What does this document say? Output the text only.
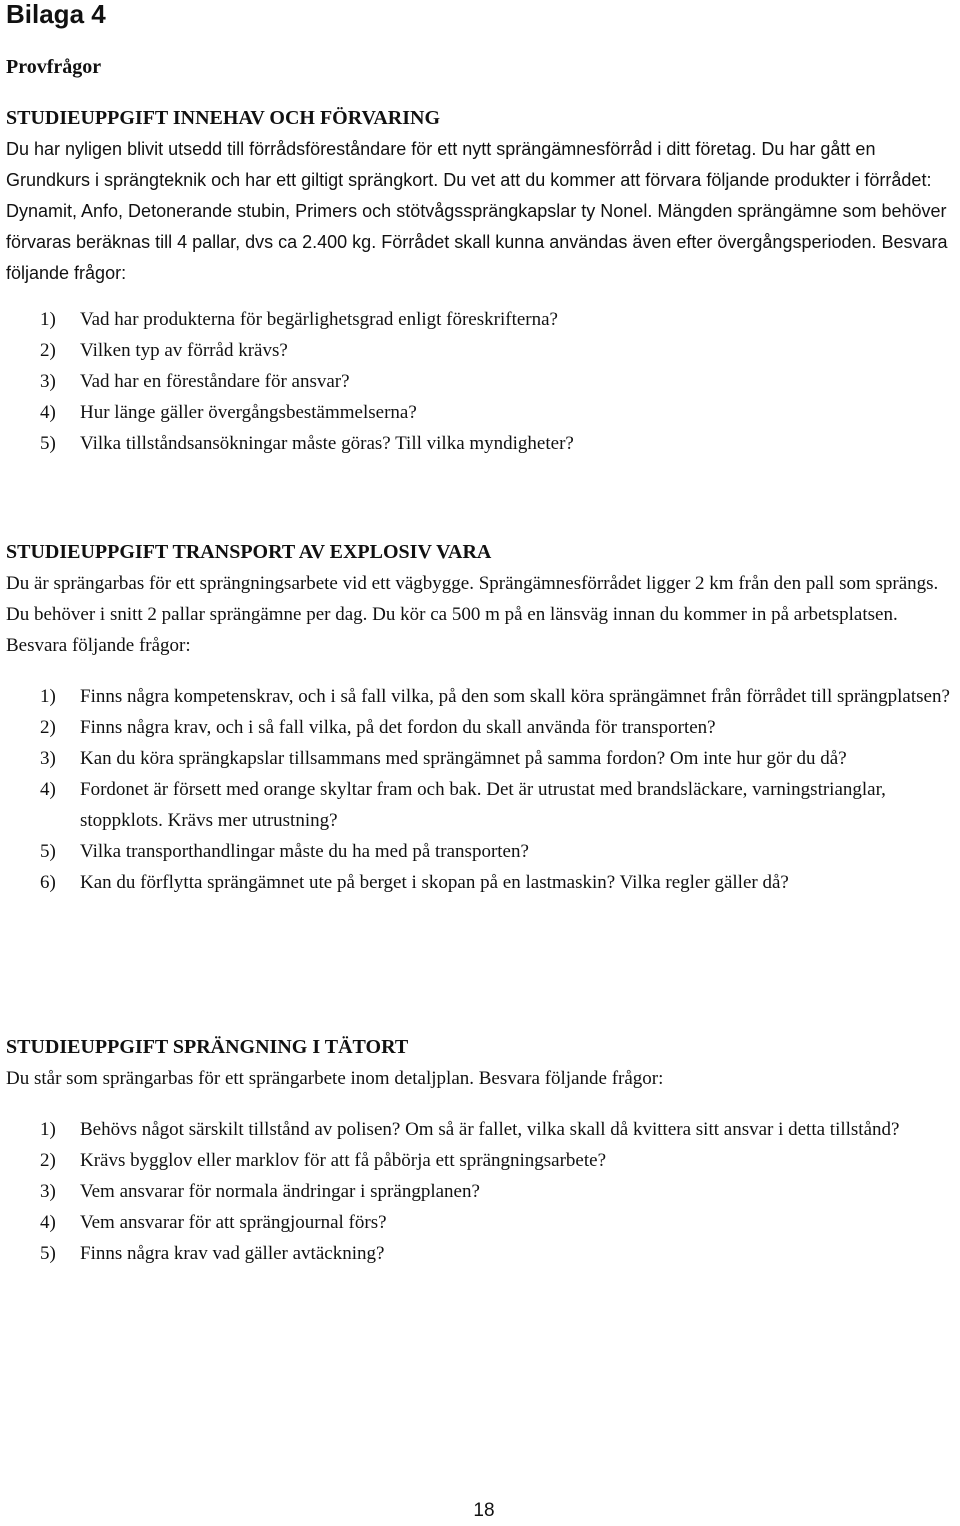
Bilaga 4
Provfrågor
STUDIEUPPGIFT INNEHAV OCH FÖRVARING

Du har nyligen blivit utsedd till förrådsföreståndare för ett nytt sprängämnesförråd i ditt företag. Du har gått en Grundkurs i sprängteknik och har ett giltigt sprängkort. Du vet att du kommer att förvara följande produkter i förrådet: Dynamit, Anfo, Detonerande stubin, Primers och stötvågssprängkapslar ty Nonel. Mängden sprängämne som behöver förvaras beräknas till 4 pallar, dvs ca 2.400 kg. Förrådet skall kunna användas även efter övergångsperioden. Besvara följande frågor:

1) Vad har produkterna för begärlighetsgrad enligt föreskrifterna?
2) Vilken typ av förråd krävs?
3) Vad har en föreståndare för ansvar?
4) Hur länge gäller övergångsbestämmelserna?
5) Vilka tillståndsansökningar måste göras? Till vilka myndigheter?
STUDIEUPPGIFT TRANSPORT AV EXPLOSIV VARA

Du är sprängarbas för ett sprängningsarbete vid ett vägbygge. Sprängämnesförrådet ligger 2 km från den pall som sprängs. Du behöver i snitt 2 pallar sprängämne per dag. Du kör ca 500 m på en länsväg innan du kommer in på arbetsplatsen. Besvara följande frågor:

1) Finns några kompetenskrav, och i så fall vilka, på den som skall köra sprängämnet från förrådet till sprängplatsen?
2) Finns några krav, och i så fall vilka, på det fordon du skall använda för transporten?
3) Kan du köra sprängkapslar tillsammans med sprängämnet på samma fordon? Om inte hur gör du då?
4) Fordonet är försett med orange skyltar fram och bak. Det är utrustat med brandsläckare, varningstrianglar, stoppklots. Krävs mer utrustning?
5) Vilka transporthandlingar måste du ha med på transporten?
6) Kan du förflytta sprängämnet ute på berget i skopan på en lastmaskin? Vilka regler gäller då?
STUDIEUPPGIFT SPRÄNGNING I TÄTORT

Du står som sprängarbas för ett sprängarbete inom detaljplan. Besvara följande frågor:

1) Behövs något särskilt tillstånd av polisen? Om så är fallet, vilka skall då kvittera sitt ansvar i detta tillstånd?
2) Krävs bygglov eller marklov för att få påbörja ett sprängningsarbete?
3) Vem ansvarar för normala ändringar i sprängplanen?
4) Vem ansvarar för att sprängjournal förs?
5) Finns några krav vad gäller avtäckning?
18
